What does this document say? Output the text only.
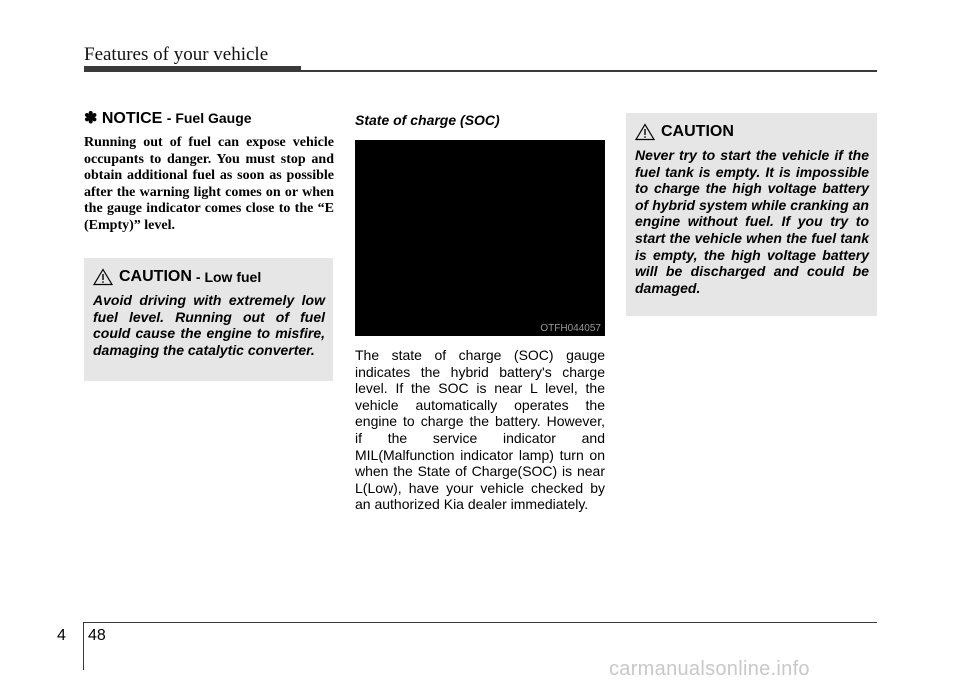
Features of your vehicle
✽ NOTICE - Fuel Gauge

Running out of fuel can expose vehicle occupants to danger. You must stop and obtain additional fuel as soon as possible after the warning light comes on or when the gauge indicator comes close to the “E (Empty)” level.

CAUTION - Low fuel

Avoid driving with extremely low fuel level. Running out of fuel could cause the engine to misfire, damaging the catalytic converter.

State of charge (SOC)
OTFH044057

The state of charge (SOC) gauge indicates the hybrid battery's charge level. If the SOC is near L level, the vehicle automatically operates the engine to charge the battery. However, if the service indicator and MIL(Malfunction indicator lamp) turn on when the State of Charge(SOC) is near L(Low), have your vehicle checked by an authorized Kia dealer immediately.

CAUTION

Never try to start the vehicle if the fuel tank is empty. It is impossible to charge the high voltage battery of hybrid system while cranking an engine without fuel. If you try to start the vehicle when the fuel tank is empty, the high voltage battery will be discharged and could be damaged.

4 48
carmanualsonline.info
